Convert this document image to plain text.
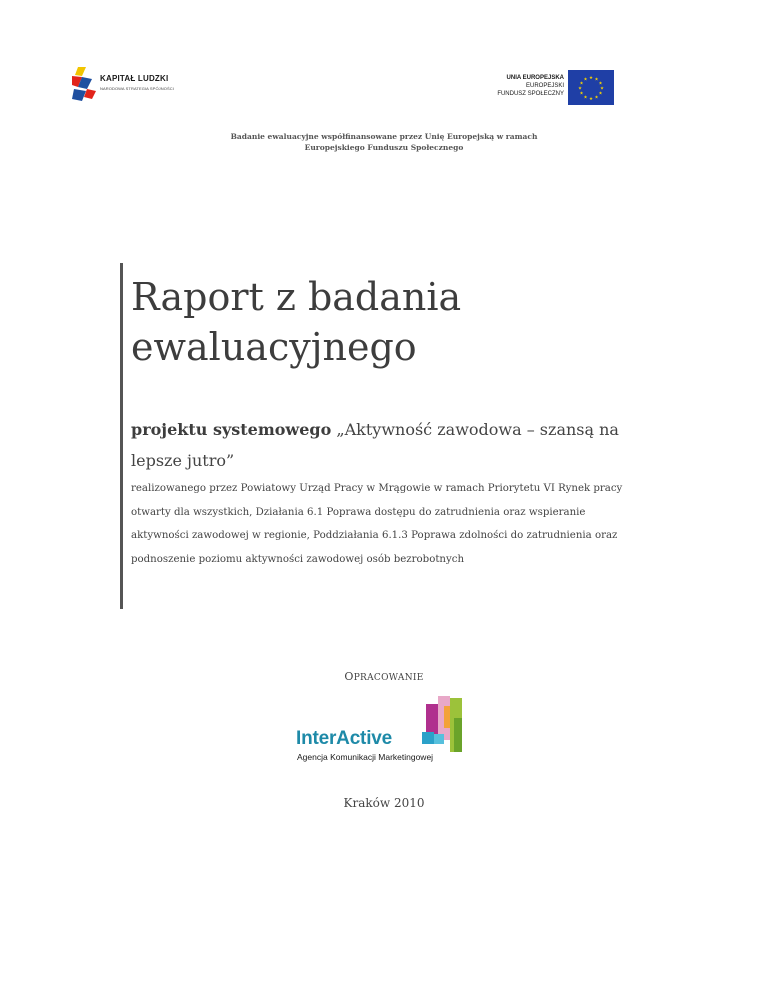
KAPITAŁ LUDZKI
NARODOWA STRATEGIA SPÓJNOŚCI
UNIA EUROPEJSKA
EUROPEJSKI
FUNDUSZ SPOŁECZNY
★ ★
★
★
★
★
★
★
★
★
★
★
Badanie ewaluacyjne współfinansowane przez Unię Europejską w ramach
Europejskiego Funduszu Społecznego
Raport z badania
ewaluacyjnego
projektu systemowego „Aktywność zawodowa – szansą na lepsze jutro”
realizowanego przez Powiatowy Urząd Pracy w Mrągowie w ramach Priorytetu VI Rynek pracy otwarty dla wszystkich, Działania 6.1 Poprawa dostępu do zatrudnienia oraz wspieranie aktywności zawodowej w regionie, Poddziałania 6.1.3 Poprawa zdolności do zatrudnienia oraz podnoszenie poziomu aktywności zawodowej osób bezrobotnych
OPRACOWANIE
InterActive
Agencja Komunikacji Marketingowej
Kraków 2010
